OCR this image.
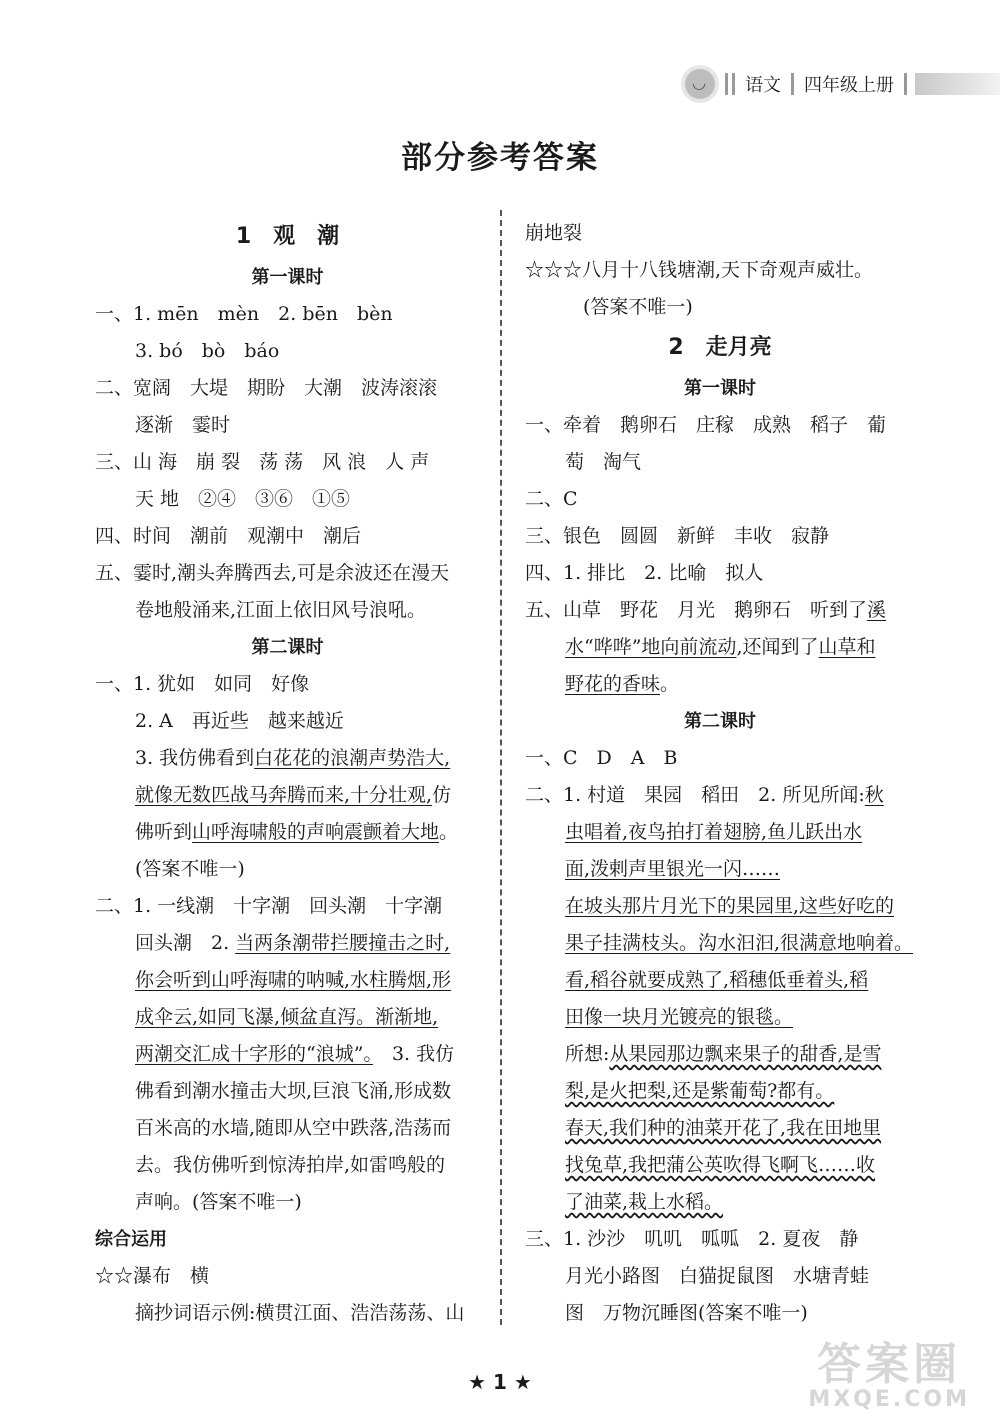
◡
语文 四年级上册
部分参考答案
1　观　潮
第一课时
一、1. mēn　mèn　2. bēn　bèn
3. bó　bò　báo
二、宽阔　大堤　期盼　大潮　波涛滚滚
逐渐　霎时
三、山 海　崩 裂　荡 荡　风 浪　人 声
天 地　②④　③⑥　①⑤
四、时间　潮前　观潮中　潮后
五、霎时,潮头奔腾西去,可是余波还在漫天
卷地般涌来,江面上依旧风号浪吼。
第二课时
一、1. 犹如　如同　好像
2. A　再近些　越来越近
3. 我仿佛看到白花花的浪潮声势浩大,
就像无数匹战马奔腾而来,十分壮观,仿
佛听到山呼海啸般的声响震颤着大地。
(答案不唯一)
二、1. 一线潮　十字潮　回头潮　十字潮
回头潮　2. 当两条潮带拦腰撞击之时,
你会听到山呼海啸的呐喊,水柱腾烟,形
成伞云,如同飞瀑,倾盆直泻。渐渐地,
两潮交汇成十字形的“浪城”。　3. 我仿
佛看到潮水撞击大坝,巨浪飞涌,形成数
百米高的水墙,随即从空中跌落,浩荡而
去。我仿佛听到惊涛拍岸,如雷鸣般的
声响。(答案不唯一)
综合运用
☆☆瀑布　横
摘抄词语示例:横贯江面、浩浩荡荡、山
崩地裂
☆☆☆八月十八钱塘潮,天下奇观声威壮。
(答案不唯一)
2　走月亮
第一课时
一、牵着　鹅卵石　庄稼　成熟　稻子　葡
萄　淘气
二、C
三、银色　圆圆　新鲜　丰收　寂静
四、1. 排比　2. 比喻　拟人
五、山草　野花　月光　鹅卵石　听到了溪
水“哗哗”地向前流动,还闻到了山草和
野花的香味。
第二课时
一、C　D　A　B
二、1. 村道　果园　稻田　2. 所见所闻:秋
虫唱着,夜鸟拍打着翅膀,鱼儿跃出水
面,泼剌声里银光一闪……
在坡头那片月光下的果园里,这些好吃的
果子挂满枝头。沟水汩汩,很满意地响着。
看,稻谷就要成熟了,稻穗低垂着头,稻
田像一块月光镀亮的银毯。
所想:从果园那边飘来果子的甜香,是雪
梨,是火把梨,还是紫葡萄?都有。
春天,我们种的油菜开花了,我在田地里
找兔草,我把蒲公英吹得飞啊飞……收
了油菜,栽上水稻。
三、1. 沙沙　叽叽　呱呱　2. 夏夜　静
月光小路图　白猫捉鼠图　水塘青蛙
图　万物沉睡图(答案不唯一)
★ 1 ★	答案圈
MXQE.COM
